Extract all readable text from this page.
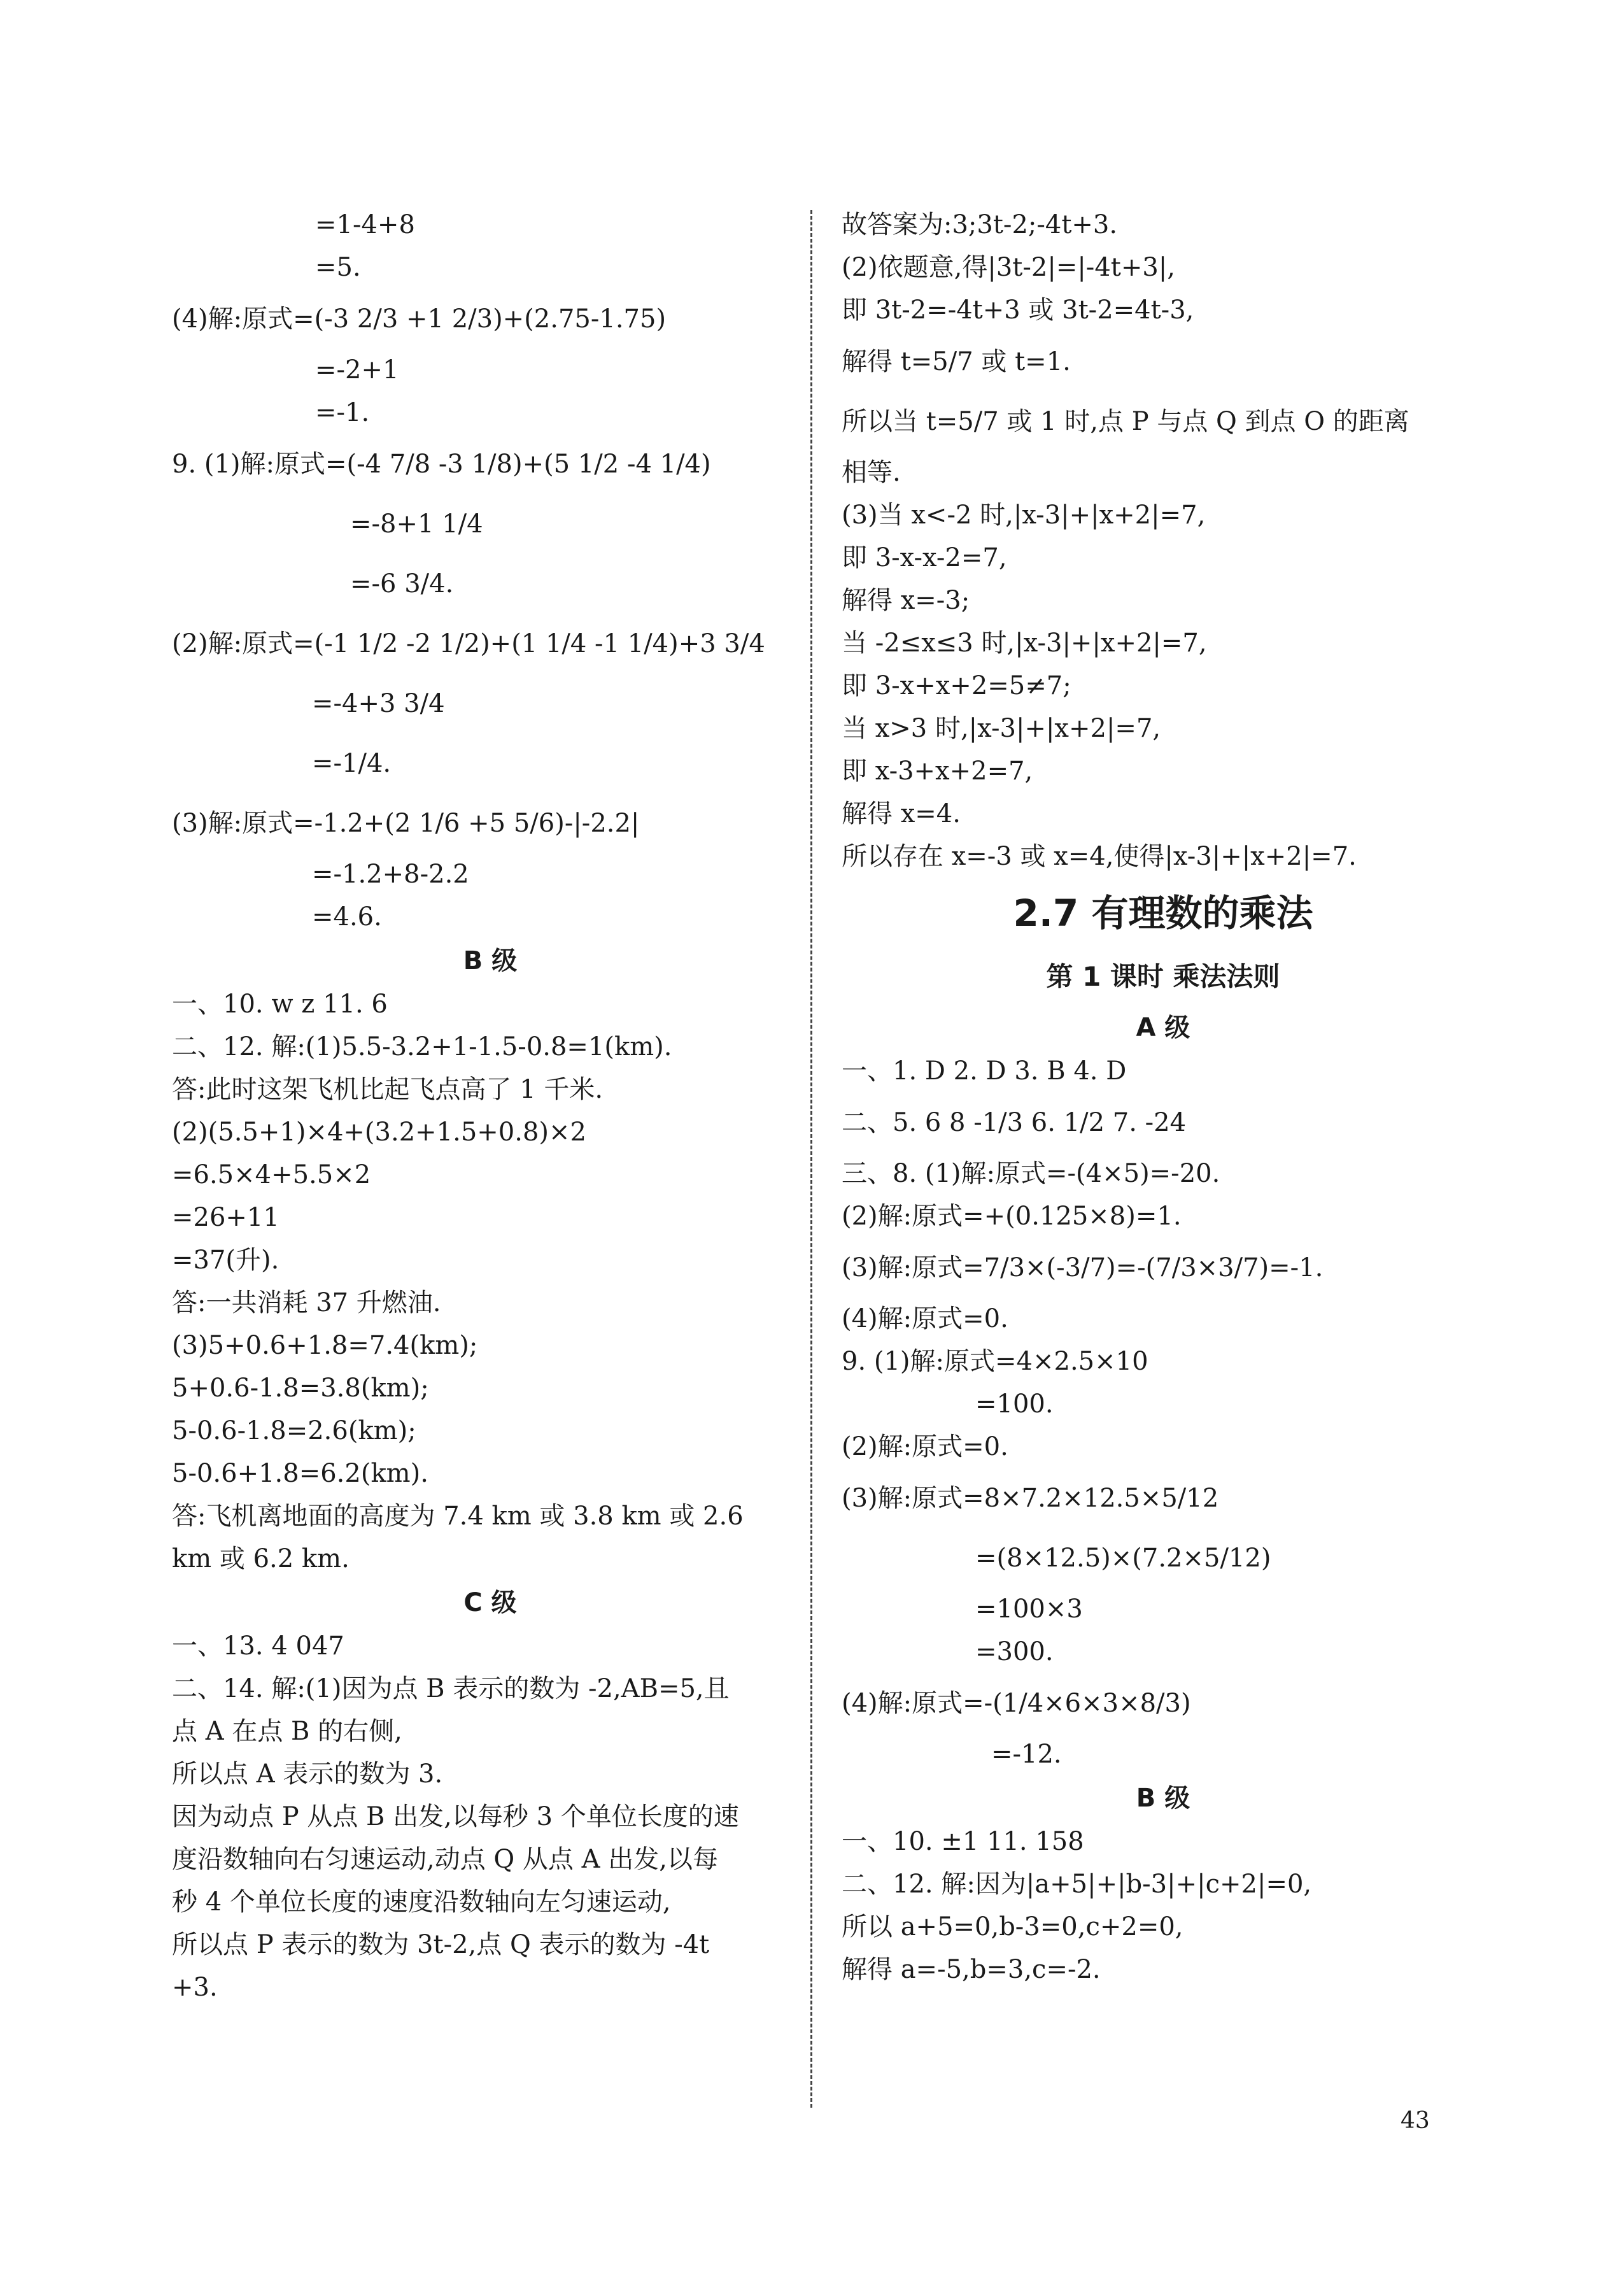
=1-4+8
=5.
(4)解:原式=(-3 2/3 +1 2/3)+(2.75-1.75)
=-2+1
=-1.
9. (1)解:原式=(-4 7/8 -3 1/8)+(5 1/2 -4 1/4)
=-8+1 1/4
=-6 3/4.
(2)解:原式=(-1 1/2 -2 1/2)+(1 1/4 -1 1/4)+3 3/4
=-4+3 3/4
=-1/4.
(3)解:原式=-1.2+(2 1/6 +5 5/6)-|-2.2|
=-1.2+8-2.2
=4.6.
B 级
一、10. w z 11. 6
二、12. 解:(1)5.5-3.2+1-1.5-0.8=1(km).
答:此时这架飞机比起飞点高了 1 千米.
(2)(5.5+1)×4+(3.2+1.5+0.8)×2
=6.5×4+5.5×2
=26+11
=37(升).
答:一共消耗 37 升燃油.
(3)5+0.6+1.8=7.4(km);
5+0.6-1.8=3.8(km);
5-0.6-1.8=2.6(km);
5-0.6+1.8=6.2(km).
答:飞机离地面的高度为 7.4 km 或 3.8 km 或 2.6
km 或 6.2 km.
C 级
一、13. 4 047
二、14. 解:(1)因为点 B 表示的数为 -2,AB=5,且
点 A 在点 B 的右侧,
所以点 A 表示的数为 3.
因为动点 P 从点 B 出发,以每秒 3 个单位长度的速
度沿数轴向右匀速运动,动点 Q 从点 A 出发,以每
秒 4 个单位长度的速度沿数轴向左匀速运动,
所以点 P 表示的数为 3t-2,点 Q 表示的数为 -4t
+3.
故答案为:3;3t-2;-4t+3.
(2)依题意,得|3t-2|=|-4t+3|,
即 3t-2=-4t+3 或 3t-2=4t-3,
解得 t=5/7 或 t=1.
所以当 t=5/7 或 1 时,点 P 与点 Q 到点 O 的距离
相等.
(3)当 x<-2 时,|x-3|+|x+2|=7,
即 3-x-x-2=7,
解得 x=-3;
当 -2≤x≤3 时,|x-3|+|x+2|=7,
即 3-x+x+2=5≠7;
当 x>3 时,|x-3|+|x+2|=7,
即 x-3+x+2=7,
解得 x=4.
所以存在 x=-3 或 x=4,使得|x-3|+|x+2|=7.
2.7 有理数的乘法
第 1 课时 乘法法则
A 级
一、1. D 2. D 3. B 4. D
二、5. 6 8 -1/3 6. 1/2 7. -24
三、8. (1)解:原式=-(4×5)=-20.
(2)解:原式=+(0.125×8)=1.
(3)解:原式=7/3×(-3/7)=-(7/3×3/7)=-1.
(4)解:原式=0.
9. (1)解:原式=4×2.5×10
=100.
(2)解:原式=0.
(3)解:原式=8×7.2×12.5×5/12
=(8×12.5)×(7.2×5/12)
=100×3
=300.
(4)解:原式=-(1/4×6×3×8/3)
=-12.
B 级
一、10. ±1 11. 158
二、12. 解:因为|a+5|+|b-3|+|c+2|=0,
所以 a+5=0,b-3=0,c+2=0,
解得 a=-5,b=3,c=-2.
43
